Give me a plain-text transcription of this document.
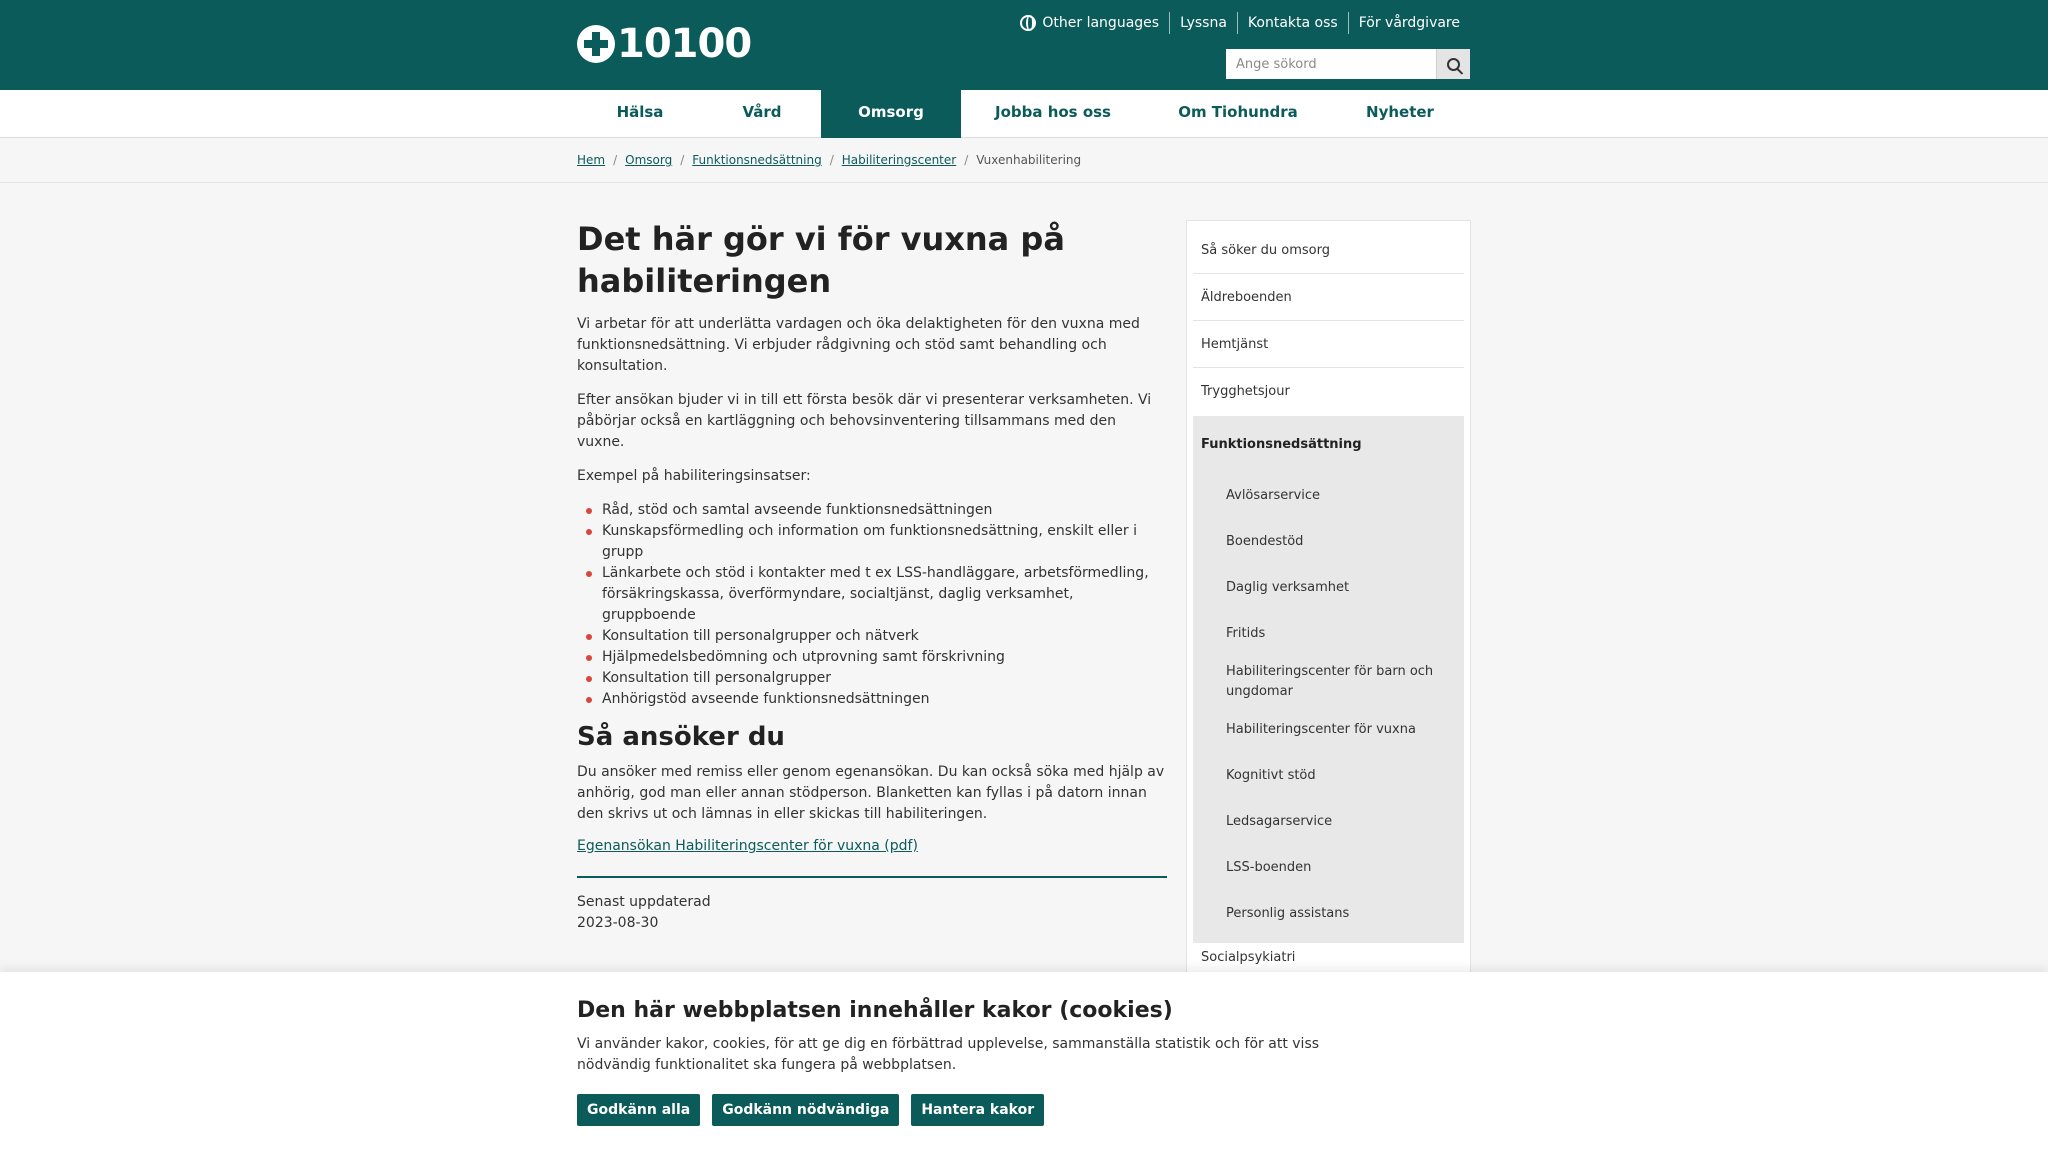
10100	Other languages	Lyssna	Kontakta oss	För vårdgivare
Ange sökord
Hälsa	Vård	Omsorg	Jobba hos oss	Om Tiohundra	Nyheter
Hem / Omsorg / Funktionsnedsättning / Habiliteringscenter / Vuxenhabilitering
Det här gör vi för vuxna på habiliteringen

Vi arbetar för att underlätta vardagen och öka delaktigheten för den vuxna med funktionsnedsättning. Vi erbjuder rådgivning och stöd samt behandling och konsultation.

Efter ansökan bjuder vi in till ett första besök där vi presenterar verksamheten. Vi påbörjar också en kartläggning och behovsinventering tillsammans med den vuxne.

Exempel på habiliteringsinsatser:

Råd, stöd och samtal avseende funktionsnedsättningen
Kunskapsförmedling och information om funktionsnedsättning, enskilt eller i grupp
Länkarbete och stöd i kontakter med t ex LSS-handläggare, arbetsförmedling, försäkringskassa, överförmyndare, socialtjänst, daglig verksamhet, gruppboende
Konsultation till personalgrupper och nätverk
Hjälpmedelsbedömning och utprovning samt förskrivning
Konsultation till personalgrupper
Anhörigstöd avseende funktionsnedsättningen
Så ansöker du

Du ansöker med remiss eller genom egenansökan. Du kan också söka med hjälp av anhörig, god man eller annan stödperson. Blanketten kan fyllas i på datorn innan den skrivs ut och lämnas in eller skickas till habiliteringen.

Egenansökan Habiliteringscenter för vuxna (pdf)
Senast uppdaterad
2023-08-30
Så söker du omsorg
Äldreboenden
Hemtjänst
Trygghetsjour
Funktionsnedsättning
Avlösarservice
Boendestöd
Daglig verksamhet
Fritids
Habiliteringscenter för barn och ungdomar
Habiliteringscenter för vuxna
Kognitivt stöd
Ledsagarservice
LSS-boenden
Personlig assistans
Socialpsykiatri
Den här webbplatsen innehåller kakor (cookies)

Vi använder kakor, cookies, för att ge dig en förbättrad upplevelse, sammanställa statistik och för att viss nödvändig funktionalitet ska fungera på webbplatsen.

Godkänn alla	Godkänn nödvändiga	Hantera kakor
